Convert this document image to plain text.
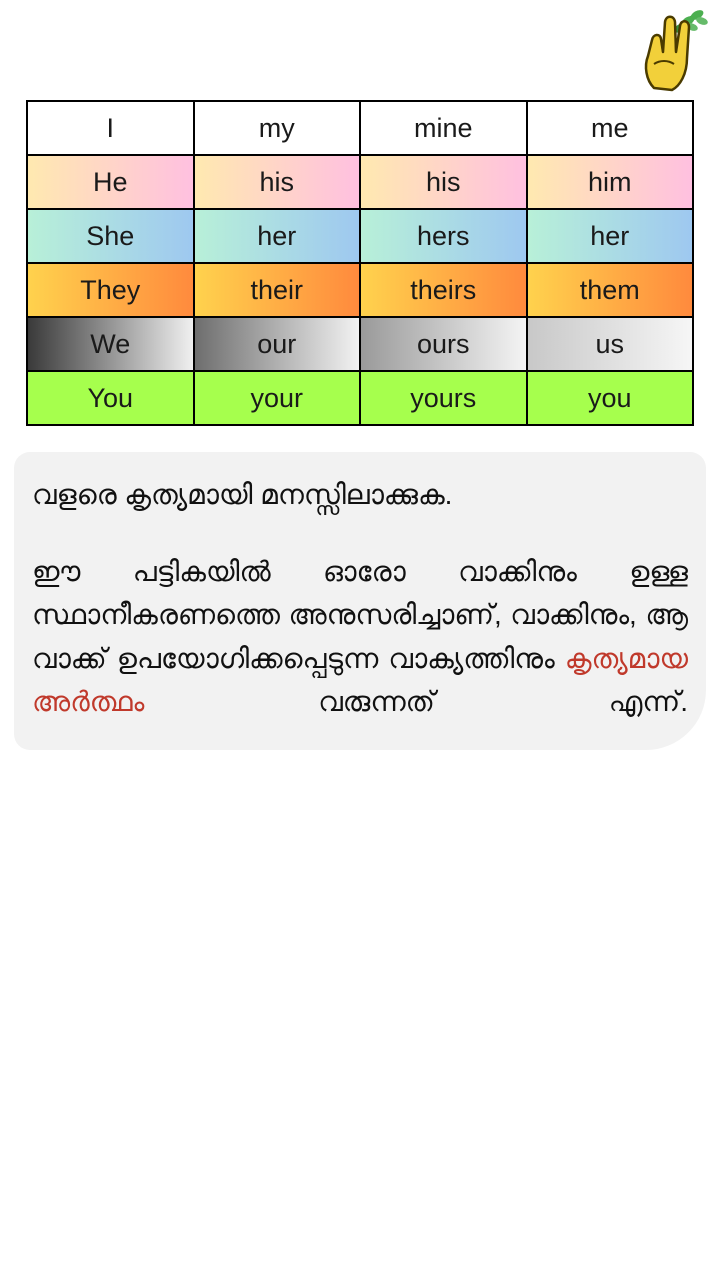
I	my	mine	me
He	his	his	him
She	her	hers	her
They	their	theirs	them
We	our	ours	us
You	your	yours	you
വളരെ കൃത്യമായി മനസ്സിലാക്കുക.
ഈ പട്ടികയിൽ ഓരോ വാക്കിനും ഉള്ള സ്ഥാനീകരണത്തെ അനുസരിച്ചാണ്, വാക്കിനും, ആ വാക്ക് ഉപയോഗിക്കപ്പെടുന്ന വാക്യത്തിനും കൃത്യമായ അർത്ഥം വരുന്നത് എന്ന്.
